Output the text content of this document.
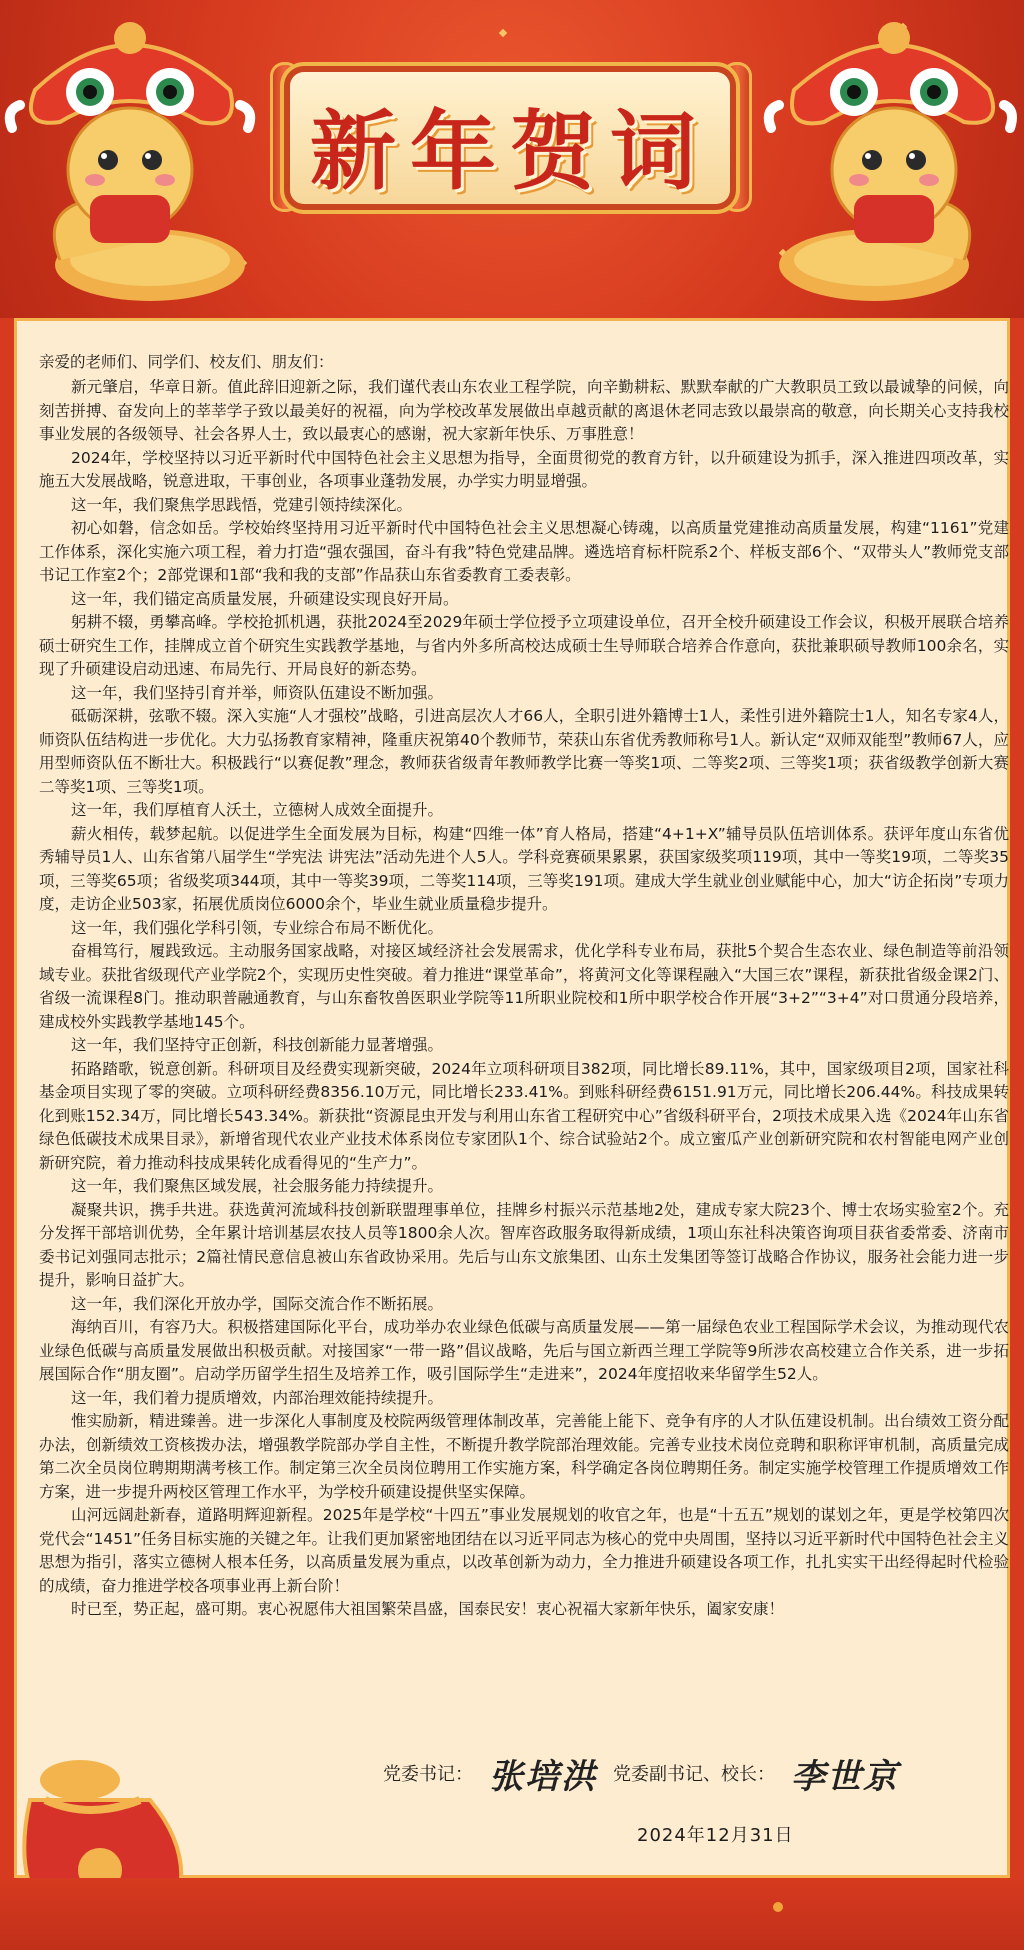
新年贺词
亲爱的老师们、同学们、校友们、朋友们：

新元肇启，华章日新。值此辞旧迎新之际，我们谨代表山东农业工程学院，向辛勤耕耘、默默奉献的广大教职员工致以最诚挚的问候，向刻苦拼搏、奋发向上的莘莘学子致以最美好的祝福，向为学校改革发展做出卓越贡献的离退休老同志致以最崇高的敬意，向长期关心支持我校事业发展的各级领导、社会各界人士，致以最衷心的感谢，祝大家新年快乐、万事胜意！

2024年，学校坚持以习近平新时代中国特色社会主义思想为指导，全面贯彻党的教育方针，以升硕建设为抓手，深入推进四项改革，实施五大发展战略，锐意进取，干事创业，各项事业蓬勃发展，办学实力明显增强。

这一年，我们聚焦学思践悟，党建引领持续深化。

初心如磐，信念如岳。学校始终坚持用习近平新时代中国特色社会主义思想凝心铸魂，以高质量党建推动高质量发展，构建“1161”党建工作体系，深化实施六项工程，着力打造“强农强国，奋斗有我”特色党建品牌。遴选培育标杆院系2个、样板支部6个、“双带头人”教师党支部书记工作室2个；2部党课和1部“我和我的支部”作品获山东省委教育工委表彰。

这一年，我们锚定高质量发展，升硕建设实现良好开局。

躬耕不辍，勇攀高峰。学校抢抓机遇，获批2024至2029年硕士学位授予立项建设单位，召开全校升硕建设工作会议，积极开展联合培养硕士研究生工作，挂牌成立首个研究生实践教学基地，与省内外多所高校达成硕士生导师联合培养合作意向，获批兼职硕导教师100余名，实现了升硕建设启动迅速、布局先行、开局良好的新态势。

这一年，我们坚持引育并举，师资队伍建设不断加强。

砥砺深耕，弦歌不辍。深入实施“人才强校”战略，引进高层次人才66人，全职引进外籍博士1人，柔性引进外籍院士1人，知名专家4人，师资队伍结构进一步优化。大力弘扬教育家精神，隆重庆祝第40个教师节，荣获山东省优秀教师称号1人。新认定“双师双能型”教师67人，应用型师资队伍不断壮大。积极践行“以赛促教”理念，教师获省级青年教师教学比赛一等奖1项、二等奖2项、三等奖1项；获省级教学创新大赛二等奖1项、三等奖1项。

这一年，我们厚植育人沃土，立德树人成效全面提升。

薪火相传，载梦起航。以促进学生全面发展为目标，构建“四维一体”育人格局，搭建“4+1+X”辅导员队伍培训体系。获评年度山东省优秀辅导员1人、山东省第八届学生“学宪法 讲宪法”活动先进个人5人。学科竞赛硕果累累，获国家级奖项119项，其中一等奖19项，二等奖35项，三等奖65项；省级奖项344项，其中一等奖39项，二等奖114项，三等奖191项。建成大学生就业创业赋能中心，加大“访企拓岗”专项力度，走访企业503家，拓展优质岗位6000余个，毕业生就业质量稳步提升。

这一年，我们强化学科引领，专业综合布局不断优化。

奋楫笃行，履践致远。主动服务国家战略，对接区域经济社会发展需求，优化学科专业布局，获批5个契合生态农业、绿色制造等前沿领域专业。获批省级现代产业学院2个，实现历史性突破。着力推进“课堂革命”，将黄河文化等课程融入“大国三农”课程，新获批省级金课2门、省级一流课程8门。推动职普融通教育，与山东畜牧兽医职业学院等11所职业院校和1所中职学校合作开展“3+2”“3+4”对口贯通分段培养，建成校外实践教学基地145个。

这一年，我们坚持守正创新，科技创新能力显著增强。

拓路踏歌，锐意创新。科研项目及经费实现新突破，2024年立项科研项目382项，同比增长89.11%，其中，国家级项目2项，国家社科基金项目实现了零的突破。立项科研经费8356.10万元，同比增长233.41%。到账科研经费6151.91万元，同比增长206.44%。科技成果转化到账152.34万，同比增长543.34%。新获批“资源昆虫开发与利用山东省工程研究中心”省级科研平台，2项技术成果入选《2024年山东省绿色低碳技术成果目录》，新增省现代农业产业技术体系岗位专家团队1个、综合试验站2个。成立蜜瓜产业创新研究院和农村智能电网产业创新研究院，着力推动科技成果转化成看得见的“生产力”。

这一年，我们聚焦区域发展，社会服务能力持续提升。

凝聚共识，携手共进。获选黄河流域科技创新联盟理事单位，挂牌乡村振兴示范基地2处，建成专家大院23个、博士农场实验室2个。充分发挥干部培训优势，全年累计培训基层农技人员等1800余人次。智库咨政服务取得新成绩，1项山东社科决策咨询项目获省委常委、济南市委书记刘强同志批示；2篇社情民意信息被山东省政协采用。先后与山东文旅集团、山东土发集团等签订战略合作协议，服务社会能力进一步提升，影响日益扩大。

这一年，我们深化开放办学，国际交流合作不断拓展。

海纳百川，有容乃大。积极搭建国际化平台，成功举办农业绿色低碳与高质量发展——第一届绿色农业工程国际学术会议，为推动现代农业绿色低碳与高质量发展做出积极贡献。对接国家“一带一路”倡议战略，先后与国立新西兰理工学院等9所涉农高校建立合作关系，进一步拓展国际合作“朋友圈”。启动学历留学生招生及培养工作，吸引国际学生“走进来”，2024年度招收来华留学生52人。

这一年，我们着力提质增效，内部治理效能持续提升。

惟实励新，精进臻善。进一步深化人事制度及校院两级管理体制改革，完善能上能下、竞争有序的人才队伍建设机制。出台绩效工资分配办法，创新绩效工资核拨办法，增强教学院部办学自主性，不断提升教学院部治理效能。完善专业技术岗位竞聘和职称评审机制，高质量完成第二次全员岗位聘期期满考核工作。制定第三次全员岗位聘用工作实施方案，科学确定各岗位聘期任务。制定实施学校管理工作提质增效工作方案，进一步提升两校区管理工作水平，为学校升硕建设提供坚实保障。

山河远阔赴新春，道路明辉迎新程。2025年是学校“十四五”事业发展规划的收官之年，也是“十五五”规划的谋划之年，更是学校第四次党代会“1451”任务目标实施的关键之年。让我们更加紧密地团结在以习近平同志为核心的党中央周围，坚持以习近平新时代中国特色社会主义思想为指引，落实立德树人根本任务，以高质量发展为重点，以改革创新为动力，全力推进升硕建设各项工作，扎扎实实干出经得起时代检验的成绩，奋力推进学校各项事业再上新台阶！

时已至，势正起，盛可期。衷心祝愿伟大祖国繁荣昌盛，国泰民安！衷心祝福大家新年快乐，阖家安康！

党委书记： 张培洪 党委副书记、校长： 李世京
2024年12月31日
